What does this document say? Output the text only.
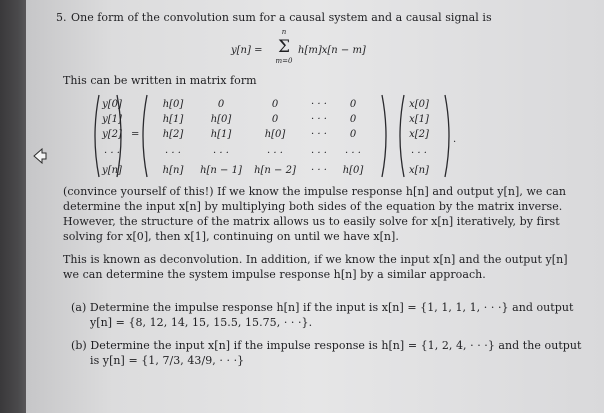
5. One form of the convolution sum for a causal system and a causal signal is
y[n] =
n
Σ
m=0
h[m]x[n − m]
This can be written in matrix form
y[0]
y[1]
y[2]
· · ·
y[n]
=
h[0]	0	0	· · ·	0
h[1]	h[0]	0	· · ·	0
h[2]	h[1]	h[0]	· · ·	0
· · ·	· · ·	· · ·	· · ·	· · ·
h[n]	h[n − 1]	h[n − 2]	· · ·	h[0]
x[0]
x[1]
x[2]
· · ·
x[n]
.
(convince yourself of this!) If we know the impulse response h[n] and output y[n], we can
determine the input x[n] by multiplying both sides of the equation by the matrix inverse.
However, the structure of the matrix allows us to easily solve for x[n] iteratively, by first
solving for x[0], then x[1], continuing on until we have x[n].
This is known as deconvolution. In addition, if we know the input x[n] and the output y[n]
we can determine the system impulse response h[n] by a similar approach.
(a) Determine the impulse response h[n] if the input is x[n] = {1, 1, 1, 1, · · ·} and output
y[n] = {8, 12, 14, 15, 15.5, 15.75, · · ·}.
(b) Determine the input x[n] if the impulse response is h[n] = {1, 2, 4, · · ·} and the output
is y[n] = {1, 7/3, 43/9, · · ·}
